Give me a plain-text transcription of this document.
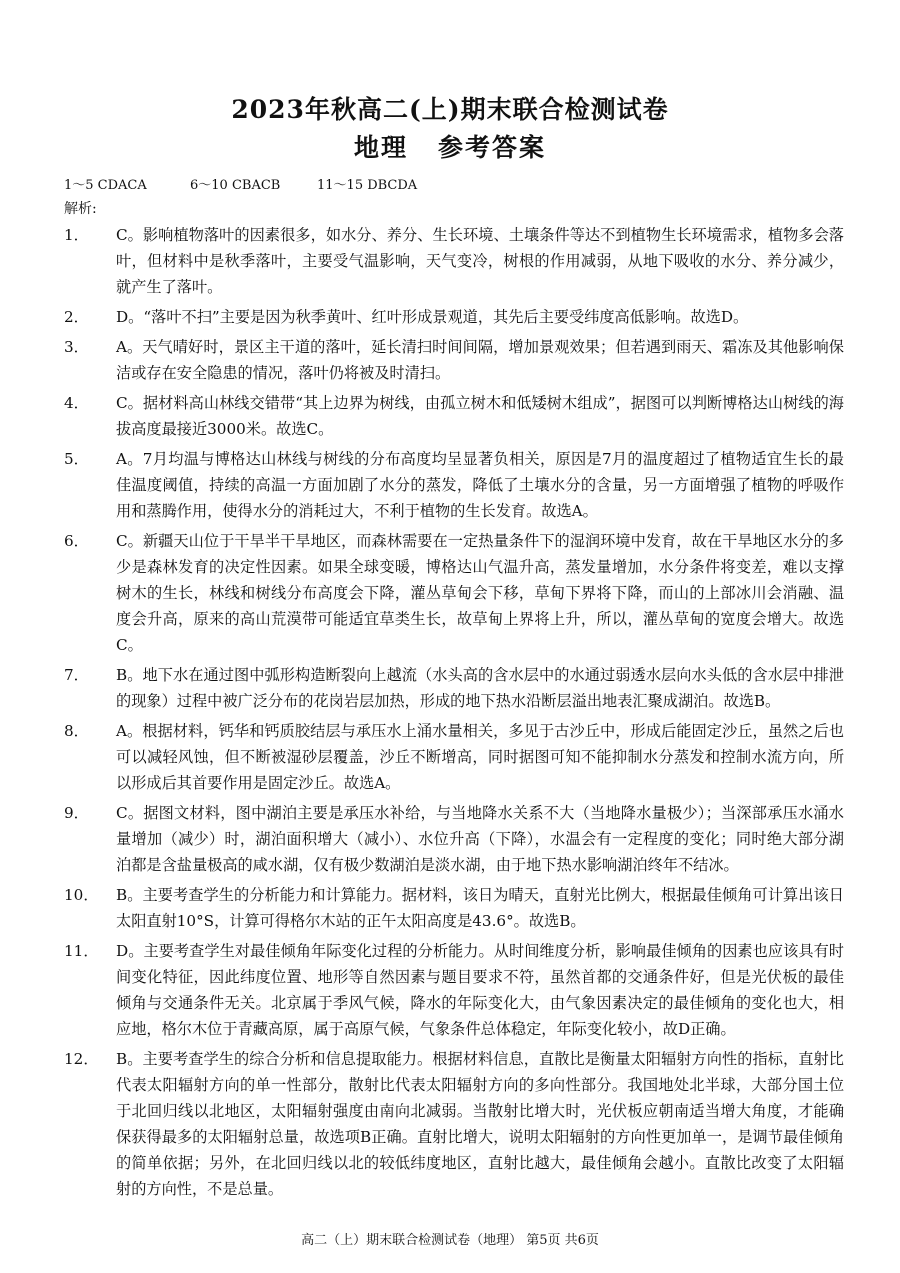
2023年秋高二(上)期末联合检测试卷
地理 参考答案
1～5 CDACA	6～10 CBACB	11～15 DBCDA
解析:
1．	C。影响植物落叶的因素很多，如水分、养分、生长环境、土壤条件等达不到植物生长环境需求，植物多会落叶，但材料中是秋季落叶，主要受气温影响，天气变冷，树根的作用减弱，从地下吸收的水分、养分减少，就产生了落叶。
2．	D。“落叶不扫”主要是因为秋季黄叶、红叶形成景观道，其先后主要受纬度高低影响。故选D。
3．	A。天气晴好时，景区主干道的落叶，延长清扫时间间隔，增加景观效果；但若遇到雨天、霜冻及其他影响保洁或存在安全隐患的情况，落叶仍将被及时清扫。
4．	C。据材料高山林线交错带“其上边界为树线，由孤立树木和低矮树木组成”，据图可以判断博格达山树线的海拔高度最接近3000米。故选C。
5．	A。7月均温与博格达山林线与树线的分布高度均呈显著负相关，原因是7月的温度超过了植物适宜生长的最佳温度阈值，持续的高温一方面加剧了水分的蒸发，降低了土壤水分的含量，另一方面增强了植物的呼吸作用和蒸腾作用，使得水分的消耗过大，不利于植物的生长发育。故选A。
6．	C。新疆天山位于干旱半干旱地区，而森林需要在一定热量条件下的湿润环境中发育，故在干旱地区水分的多少是森林发育的决定性因素。如果全球变暖，博格达山气温升高，蒸发量增加，水分条件将变差，难以支撑树木的生长，林线和树线分布高度会下降，灌丛草甸会下移，草甸下界将下降，而山的上部冰川会消融、温度会升高，原来的高山荒漠带可能适宜草类生长，故草甸上界将上升，所以，灌丛草甸的宽度会增大。故选C。
7．	B。地下水在通过图中弧形构造断裂向上越流（水头高的含水层中的水通过弱透水层向水头低的含水层中排泄的现象）过程中被广泛分布的花岗岩层加热，形成的地下热水沿断层溢出地表汇聚成湖泊。故选B。
8．	A。根据材料，钙华和钙质胶结层与承压水上涌水量相关，多见于古沙丘中，形成后能固定沙丘，虽然之后也可以减轻风蚀，但不断被湿砂层覆盖，沙丘不断增高，同时据图可知不能抑制水分蒸发和控制水流方向，所以形成后其首要作用是固定沙丘。故选A。
9．	C。据图文材料，图中湖泊主要是承压水补给，与当地降水关系不大（当地降水量极少）；当深部承压水涌水量增加（减少）时，湖泊面积增大（减小）、水位升高（下降），水温会有一定程度的变化；同时绝大部分湖泊都是含盐量极高的咸水湖，仅有极少数湖泊是淡水湖，由于地下热水影响湖泊终年不结冰。
10．	B。主要考查学生的分析能力和计算能力。据材料，该日为晴天，直射光比例大，根据最佳倾角可计算出该日太阳直射10°S，计算可得格尔木站的正午太阳高度是43.6°。故选B。
11．	D。主要考查学生对最佳倾角年际变化过程的分析能力。从时间维度分析，影响最佳倾角的因素也应该具有时间变化特征，因此纬度位置、地形等自然因素与题目要求不符，虽然首都的交通条件好，但是光伏板的最佳倾角与交通条件无关。北京属于季风气候，降水的年际变化大，由气象因素决定的最佳倾角的变化也大，相应地，格尔木位于青藏高原，属于高原气候，气象条件总体稳定，年际变化较小，故D正确。
12．	B。主要考查学生的综合分析和信息提取能力。根据材料信息，直散比是衡量太阳辐射方向性的指标，直射比代表太阳辐射方向的单一性部分，散射比代表太阳辐射方向的多向性部分。我国地处北半球，大部分国土位于北回归线以北地区，太阳辐射强度由南向北减弱。当散射比增大时，光伏板应朝南适当增大角度，才能确保获得最多的太阳辐射总量，故选项B正确。直射比增大，说明太阳辐射的方向性更加单一，是调节最佳倾角的简单依据；另外，在北回归线以北的较低纬度地区，直射比越大，最佳倾角会越小。直散比改变了太阳辐射的方向性，不是总量。
高二（上）期末联合检测试卷（地理） 第5页 共6页
